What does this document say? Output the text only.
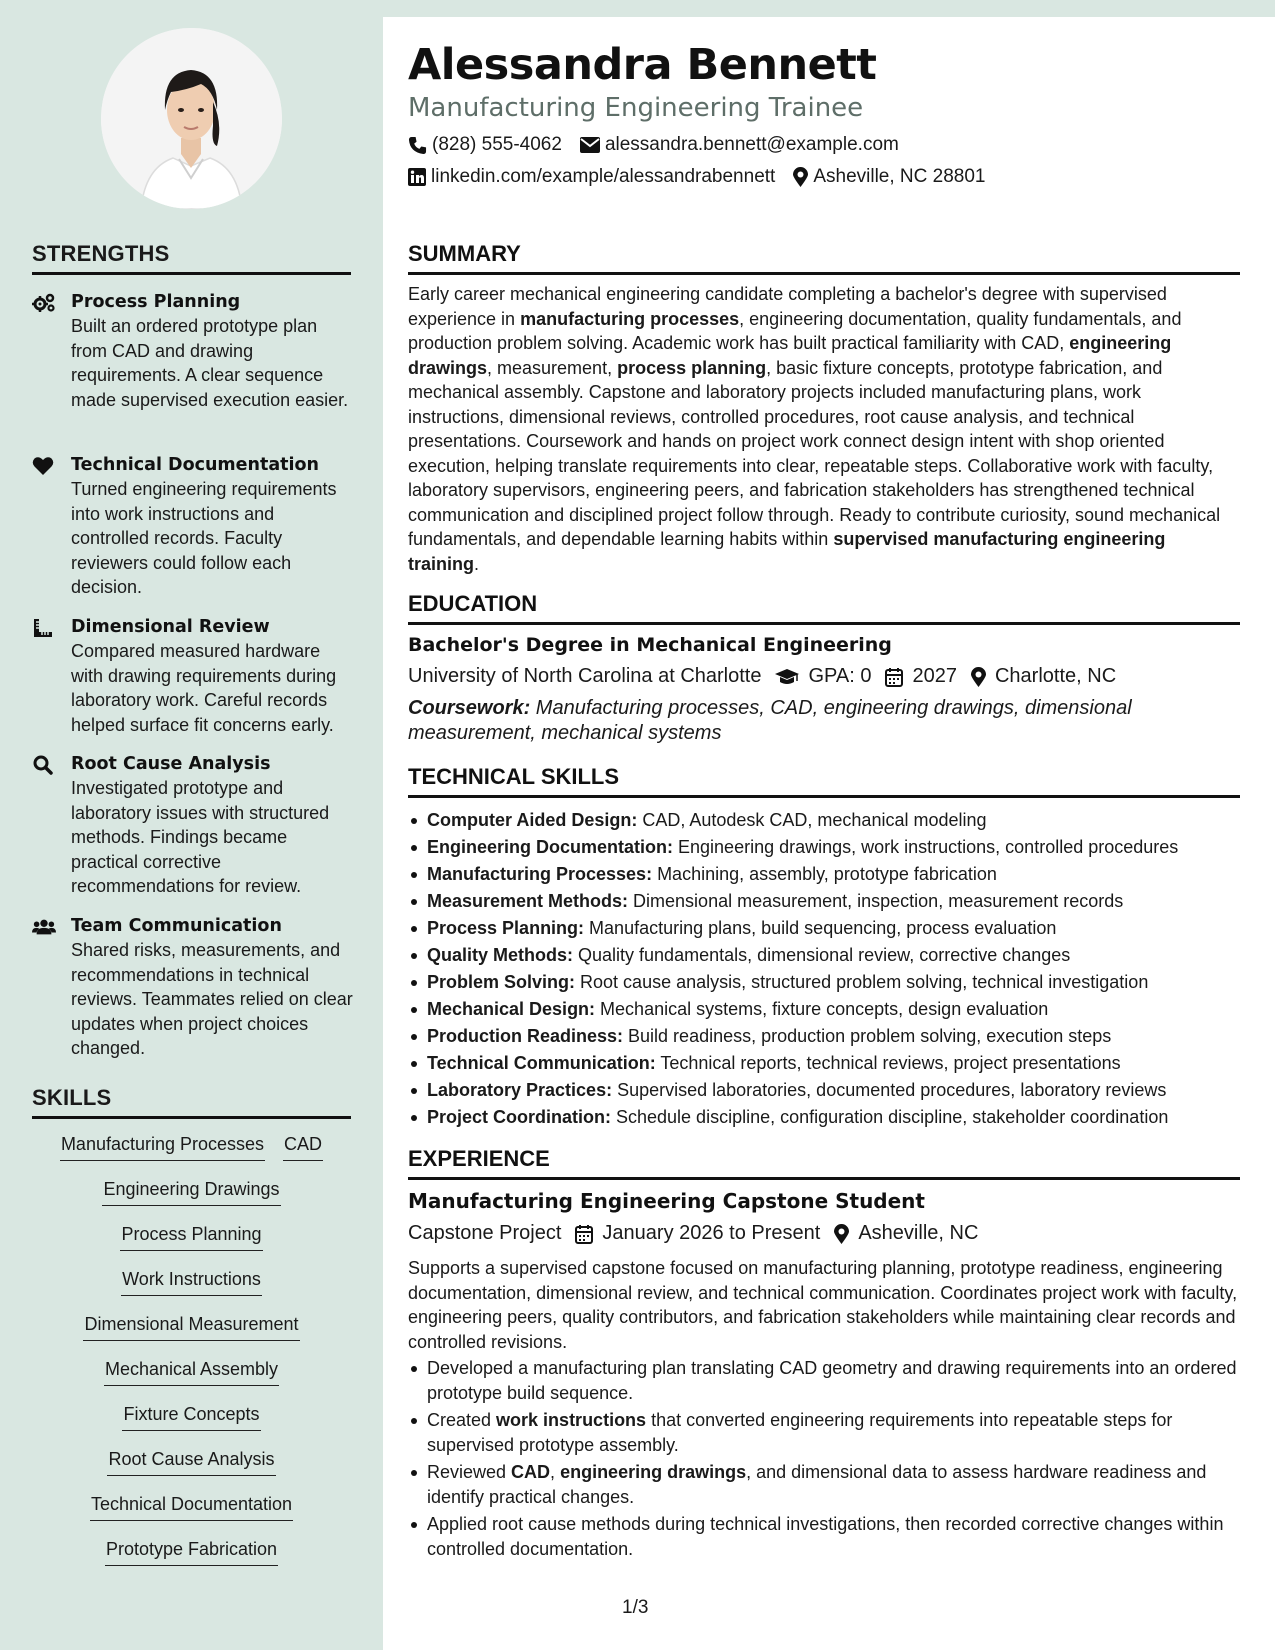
STRENGTHS
Process Planning
Built an ordered prototype plan from CAD and drawing requirements. A clear sequence made supervised execution easier.
Technical Documentation
Turned engineering requirements into work instructions and controlled records. Faculty reviewers could follow each decision.
Dimensional Review
Compared measured hardware with drawing requirements during laboratory work. Careful records helped surface fit concerns early.
Root Cause Analysis
Investigated prototype and laboratory issues with structured methods. Findings became practical corrective recommendations for review.
Team Communication
Shared risks, measurements, and recommendations in technical reviews. Teammates relied on clear updates when project choices changed.
SKILLS
Manufacturing Processes CAD
Engineering Drawings
Process Planning
Work Instructions
Dimensional Measurement
Mechanical Assembly
Fixture Concepts
Root Cause Analysis
Technical Documentation
Prototype Fabrication
Alessandra Bennett
Manufacturing Engineering Trainee
(828) 555-4062 alessandra.bennett@example.com
linkedin.com/example/alessandrabennett Asheville, NC 28801
SUMMARY
Early career mechanical engineering candidate completing a bachelor's degree with supervised experience in manufacturing processes, engineering documentation, quality fundamentals, and production problem solving. Academic work has built practical familiarity with CAD, engineering drawings, measurement, process planning, basic fixture concepts, prototype fabrication, and mechanical assembly. Capstone and laboratory projects included manufacturing plans, work instructions, dimensional reviews, controlled procedures, root cause analysis, and technical presentations. Coursework and hands on project work connect design intent with shop oriented execution, helping translate requirements into clear, repeatable steps. Collaborative work with faculty, laboratory supervisors, engineering peers, and fabrication stakeholders has strengthened technical communication and disciplined project follow through. Ready to contribute curiosity, sound mechanical fundamentals, and dependable learning habits within supervised manufacturing engineering training.
EDUCATION
Bachelor's Degree in Mechanical Engineering
University of North Carolina at Charlotte GPA: 0 2027 Charlotte, NC
Coursework: Manufacturing processes, CAD, engineering drawings, dimensional measurement, mechanical systems
TECHNICAL SKILLS
Computer Aided Design: CAD, Autodesk CAD, mechanical modeling
Engineering Documentation: Engineering drawings, work instructions, controlled procedures
Manufacturing Processes: Machining, assembly, prototype fabrication
Measurement Methods: Dimensional measurement, inspection, measurement records
Process Planning: Manufacturing plans, build sequencing, process evaluation
Quality Methods: Quality fundamentals, dimensional review, corrective changes
Problem Solving: Root cause analysis, structured problem solving, technical investigation
Mechanical Design: Mechanical systems, fixture concepts, design evaluation
Production Readiness: Build readiness, production problem solving, execution steps
Technical Communication: Technical reports, technical reviews, project presentations
Laboratory Practices: Supervised laboratories, documented procedures, laboratory reviews
Project Coordination: Schedule discipline, configuration discipline, stakeholder coordination
EXPERIENCE
Manufacturing Engineering Capstone Student
Capstone Project January 2026 to Present Asheville, NC
Supports a supervised capstone focused on manufacturing planning, prototype readiness, engineering documentation, dimensional review, and technical communication. Coordinates project work with faculty, engineering peers, quality contributors, and fabrication stakeholders while maintaining clear records and controlled revisions.
Developed a manufacturing plan translating CAD geometry and drawing requirements into an ordered prototype build sequence.
Created work instructions that converted engineering requirements into repeatable steps for supervised prototype assembly.
Reviewed CAD, engineering drawings, and dimensional data to assess hardware readiness and identify practical changes.
Applied root cause methods during technical investigations, then recorded corrective changes within controlled documentation.
1/3
